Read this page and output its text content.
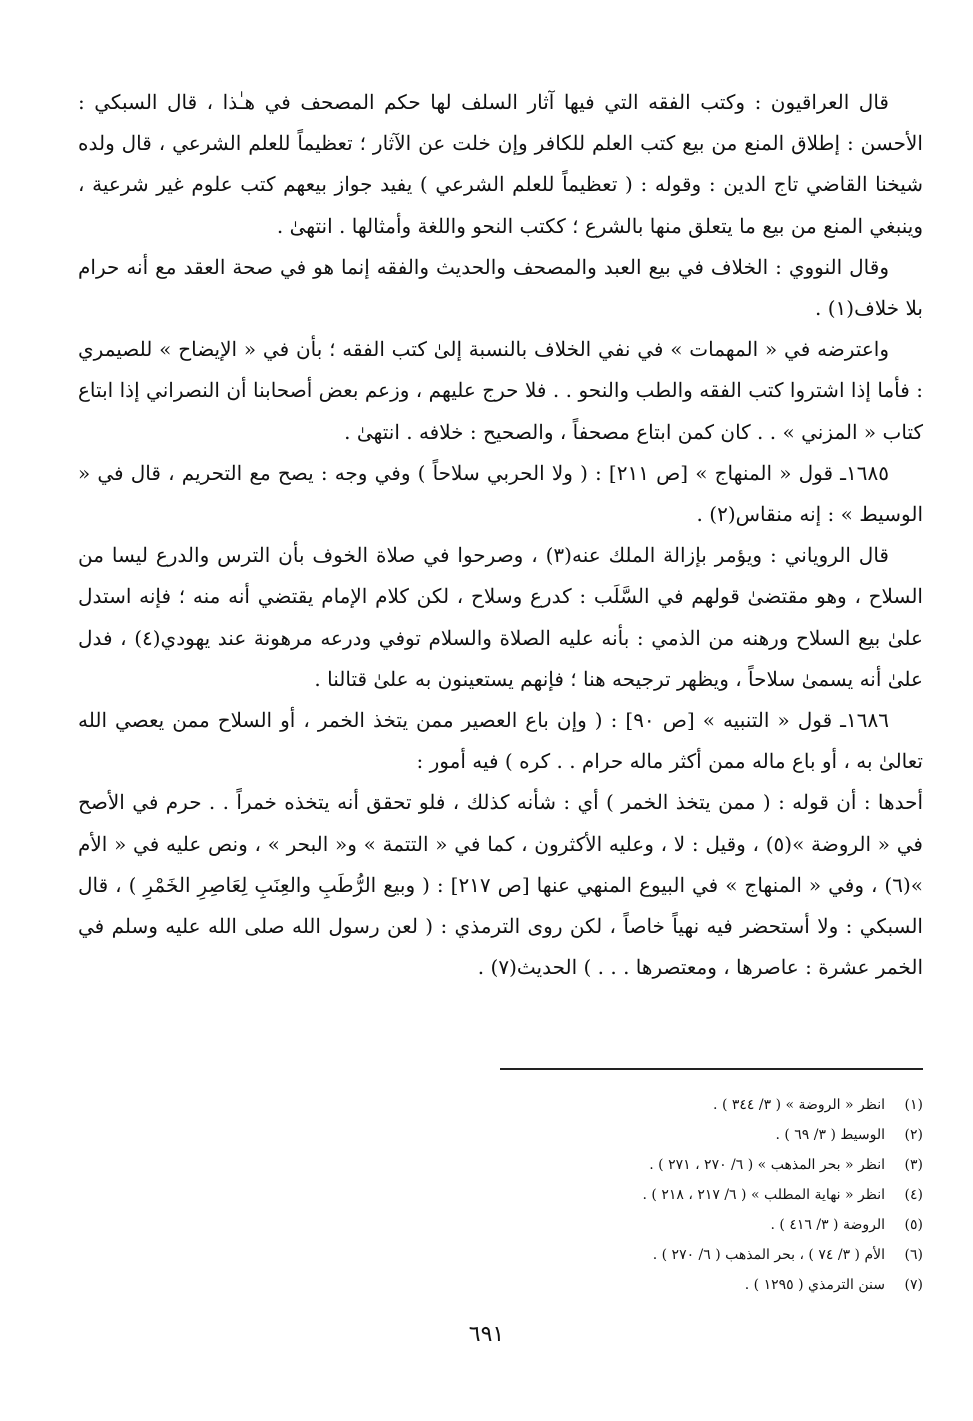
قال العراقيون : وكتب الفقه التي فيها آثار السلف لها حكم المصحف في هـٰذا ، قال السبكي : الأحسن : إطلاق المنع من بيع كتب العلم للكافر وإن خلت عن الآثار ؛ تعظيماً للعلم الشرعي ، قال ولده شيخنا القاضي تاج الدين : وقوله : ( تعظيماً للعلم الشرعي ) يفيد جواز بيعهم كتب علوم غير شرعية ، وينبغي المنع من بيع ما يتعلق منها بالشرع ؛ ككتب النحو واللغة وأمثالها . انتهىٰ .

وقال النووي : الخلاف في بيع العبد والمصحف والحديث والفقه إنما هو في صحة العقد مع أنه حرام بلا خلاف(١) .

واعترضه في « المهمات » في نفي الخلاف بالنسبة إلىٰ كتب الفقه ؛ بأن في « الإيضاح » للصيمري : فأما إذا اشتروا كتب الفقه والطب والنحو . . فلا حرج عليهم ، وزعم بعض أصحابنا أن النصراني إذا ابتاع كتاب « المزني » . . كان كمن ابتاع مصحفاً ، والصحيح : خلافه . انتهىٰ .

١٦٨٥ـ قول « المنهاج » [ص ٢١١] : ( ولا الحربي سلاحاً ) وفي وجه : يصح مع التحريم ، قال في « الوسيط » : إنه منقاس(٢) .

قال الروياني : ويؤمر بإزالة الملك عنه(٣) ، وصرحوا في صلاة الخوف بأن الترس والدرع ليسا من السلاح ، وهو مقتضىٰ قولهم في السَّلَب : كدرع وسلاح ، لكن كلام الإمام يقتضي أنه منه ؛ فإنه استدل علىٰ بيع السلاح ورهنه من الذمي : بأنه عليه الصلاة والسلام توفي ودرعه مرهونة عند يهودي(٤) ، فدل علىٰ أنه يسمىٰ سلاحاً ، ويظهر ترجيحه هنا ؛ فإنهم يستعينون به علىٰ قتالنا .

١٦٨٦ـ قول « التنبيه » [ص ٩٠] : ( وإن باع العصير ممن يتخذ الخمر ، أو السلاح ممن يعصي الله تعالىٰ به ، أو باع ماله ممن أكثر ماله حرام . . كره ) فيه أمور :

أحدها : أن قوله : ( ممن يتخذ الخمر ) أي : شأنه كذلك ، فلو تحقق أنه يتخذه خمراً . . حرم في الأصح في « الروضة »(٥) ، وقيل : لا ، وعليه الأكثرون ، كما في « التتمة » و« البحر » ، ونص عليه في « الأم »(٦) ، وفي « المنهاج » في البيوع المنهي عنها [ص ٢١٧] : ( وبيع الرُّطَبِ والعِنَبِ لِعَاصِرِ الخَمْرِ ) ، قال السبكي : ولا أستحضر فيه نهياً خاصاً ، لكن روى الترمذي : ( لعن رسول الله صلى الله عليه وسلم في الخمر عشرة : عاصرها ، ومعتصرها . . . ) الحديث(٧) .

(١)انظر « الروضة » ( ٣/ ٣٤٤ ) .
(٢)الوسيط ( ٣/ ٦٩ ) .
(٣)انظر « بحر المذهب » ( ٦/ ٢٧٠ ، ٢٧١ ) .
(٤)انظر « نهاية المطلب » ( ٦/ ٢١٧ ، ٢١٨ ) .
(٥)الروضة ( ٣/ ٤١٦ ) .
(٦)الأم ( ٣/ ٧٤ ) ، بحر المذهب ( ٦/ ٢٧٠ ) .
(٧)سنن الترمذي ( ١٢٩٥ ) .
٦٩١
